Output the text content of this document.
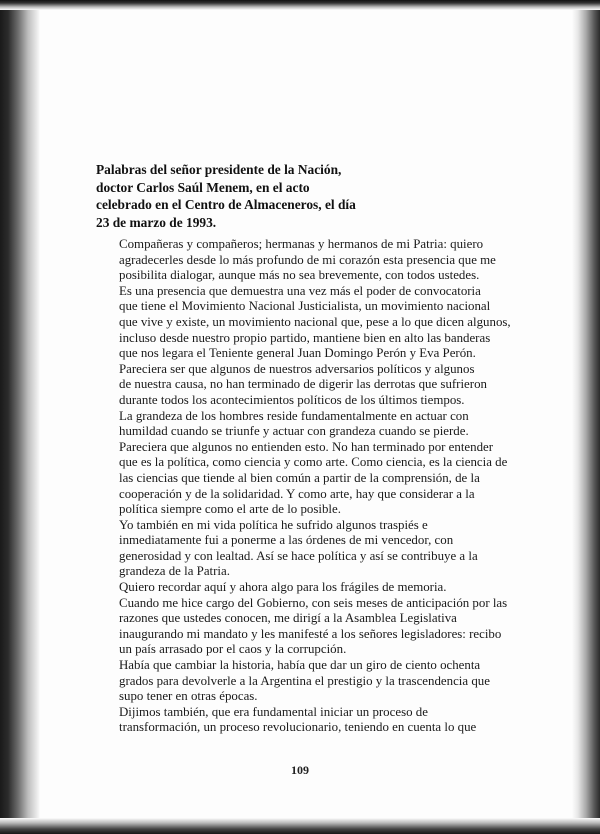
Palabras del señor presidente de la Nación,
doctor Carlos Saúl Menem, en el acto
celebrado en el Centro de Almaceneros, el día
23 de marzo de 1993.

Compañeras y compañeros; hermanas y hermanos de mi Patria: quiero
agradecerles desde lo más profundo de mi corazón esta presencia que me
posibilita dialogar, aunque más no sea brevemente, con todos ustedes.

Es una presencia que demuestra una vez más el poder de convocatoria
que tiene el Movimiento Nacional Justicialista, un movimiento nacional
que vive y existe, un movimiento nacional que, pese a lo que dicen algunos,
incluso desde nuestro propio partido, mantiene bien en alto las banderas
que nos legara el Teniente general Juan Domingo Perón y Eva Perón.

Pareciera ser que algunos de nuestros adversarios políticos y algunos
de nuestra causa, no han terminado de digerir las derrotas que sufrieron
durante todos los acontecimientos políticos de los últimos tiempos.

La grandeza de los hombres reside fundamentalmente en actuar con
humildad cuando se triunfe y actuar con grandeza cuando se pierde.
Pareciera que algunos no entienden esto. No han terminado por entender
que es la política, como ciencia y como arte. Como ciencia, es la ciencia de
las ciencias que tiende al bien común a partir de la comprensión, de la
cooperación y de la solidaridad. Y como arte, hay que considerar a la
política siempre como el arte de lo posible.

Yo también en mi vida política he sufrido algunos traspiés e
inmediatamente fui a ponerme a las órdenes de mi vencedor, con
generosidad y con lealtad. Así se hace política y así se contribuye a la
grandeza de la Patria.

Quiero recordar aquí y ahora algo para los frágiles de memoria.
Cuando me hice cargo del Gobierno, con seis meses de anticipación por las
razones que ustedes conocen, me dirigí a la Asamblea Legislativa
inaugurando mi mandato y les manifesté a los señores legisladores: recibo
un país arrasado por el caos y la corrupción.

Había que cambiar la historia, había que dar un giro de ciento ochenta
grados para devolverle a la Argentina el prestigio y la trascendencia que
supo tener en otras épocas.

Dijimos también, que era fundamental iniciar un proceso de
transformación, un proceso revolucionario, teniendo en cuenta lo que

109
